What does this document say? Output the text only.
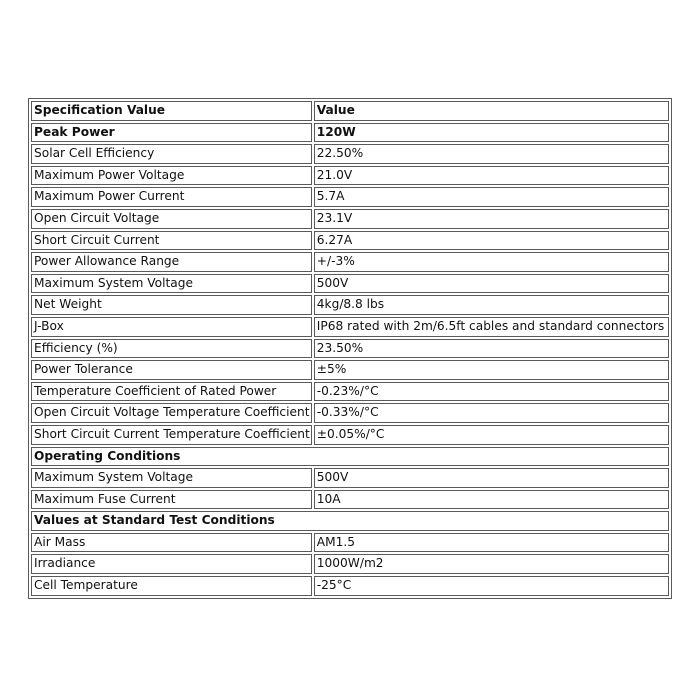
Specification Value	Value
Peak Power	120W
Solar Cell Efficiency	22.50%
Maximum Power Voltage	21.0V
Maximum Power Current	5.7A
Open Circuit Voltage	23.1V
Short Circuit Current	6.27A
Power Allowance Range	+/-3%
Maximum System Voltage	500V
Net Weight	4kg/8.8 lbs
J-Box	IP68 rated with 2m/6.5ft cables and standard connectors
Efficiency (%)	23.50%
Power Tolerance	±5%
Temperature Coefficient of Rated Power	-0.23%/°C
Open Circuit Voltage Temperature Coefficient	-0.33%/°C
Short Circuit Current Temperature Coefficient	±0.05%/°C
Operating Conditions	
Maximum System Voltage	500V
Maximum Fuse Current	10A
Values at Standard Test Conditions	
Air Mass	AM1.5
Irradiance	1000W/m2
Cell Temperature	-25°C
